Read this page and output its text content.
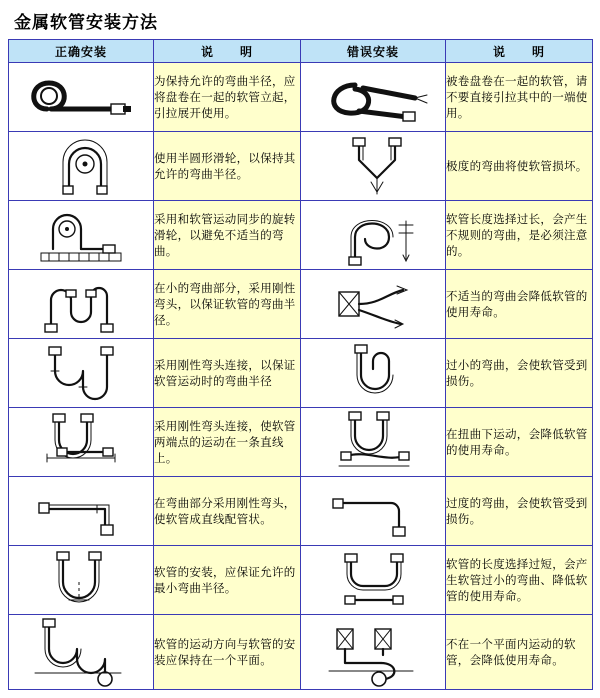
金属软管安装方法
正确安装	说　　明	错误安装	说　　明

	为保持允许的弯曲半径，应将盘卷在一起的软管立起，引拉展开使用。		被卷盘卷在一起的软管，请不要直接引拉其中的一端使用。

	使用半圆形滑轮，以保持其允许的弯曲半径。		极度的弯曲将使软管损坏。

	采用和软管运动同步的旋转滑轮，以避免不适当的弯曲。		软管长度选择过长，会产生不规则的弯曲，是必须注意的。

	在小的弯曲部分，采用刚性弯头，以保证软管的弯曲半径。		不适当的弯曲会降低软管的使用寿命。

	采用刚性弯头连接，以保证软管运动时的弯曲半径		过小的弯曲，会使软管受到损伤。

	采用刚性弯头连接，使软管两端点的运动在一条直线上。		在扭曲下运动，会降低软管的使用寿命。

	在弯曲部分采用刚性弯头，使软管成直线配管状。		过度的弯曲，会使软管受到损伤。

	软管的安装，应保证允许的最小弯曲半径。		软管的长度选择过短，会产生软管过小的弯曲、降低软管的使用寿命。

	软管的运动方向与软管的安装应保持在一个平面。		不在一个平面内运动的软管，会降低使用寿命。
